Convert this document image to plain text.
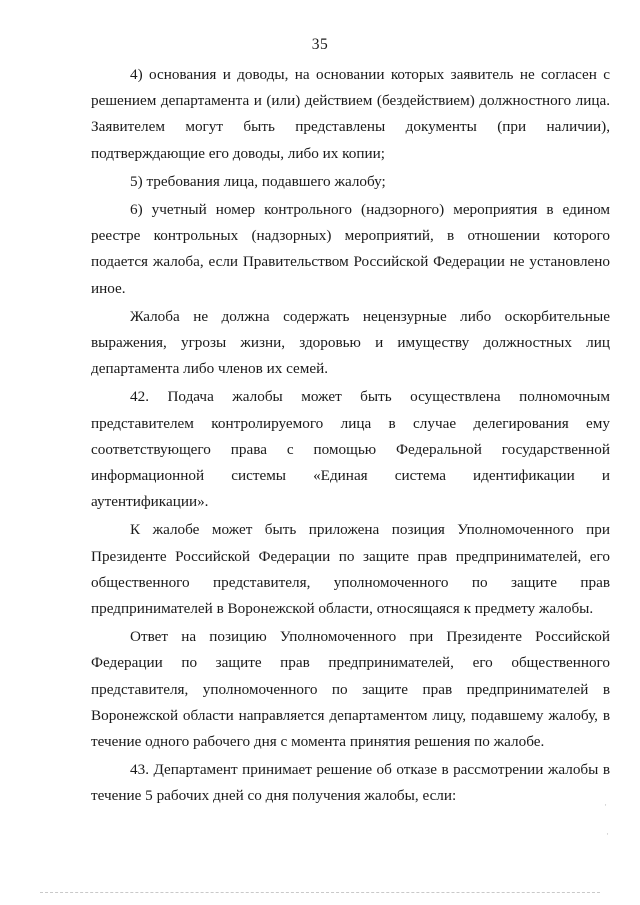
35

4) основания и доводы, на основании которых заявитель не согласен с решением департамента и (или) действием (бездействием) должностного лица. Заявителем могут быть представлены документы (при наличии), подтверждающие его доводы, либо их копии;

5) требования лица, подавшего жалобу;

6) учетный номер контрольного (надзорного) мероприятия в едином реестре контрольных (надзорных) мероприятий, в отношении которого подается жалоба, если Правительством Российской Федерации не установлено иное.

Жалоба не должна содержать нецензурные либо оскорбительные выражения, угрозы жизни, здоровью и имуществу должностных лиц департамента либо членов их семей.

42. Подача жалобы может быть осуществлена полномочным представителем контролируемого лица в случае делегирования ему соответствующего права с помощью Федеральной государственной информационной системы «Единая система идентификации и аутентификации».

К жалобе может быть приложена позиция Уполномоченного при Президенте Российской Федерации по защите прав предпринимателей, его общественного представителя, уполномоченного по защите прав предпринимателей в Воронежской области, относящаяся к предмету жалобы.

Ответ на позицию Уполномоченного при Президенте Российской Федерации по защите прав предпринимателей, его общественного представителя, уполномоченного по защите прав предпринимателей в Воронежской области направляется департаментом лицу, подавшему жалобу, в течение одного рабочего дня с момента принятия решения по жалобе.

43. Департамент принимает решение об отказе в рассмотрении жалобы в течение 5 рабочих дней со дня получения жалобы, если:

·
·
